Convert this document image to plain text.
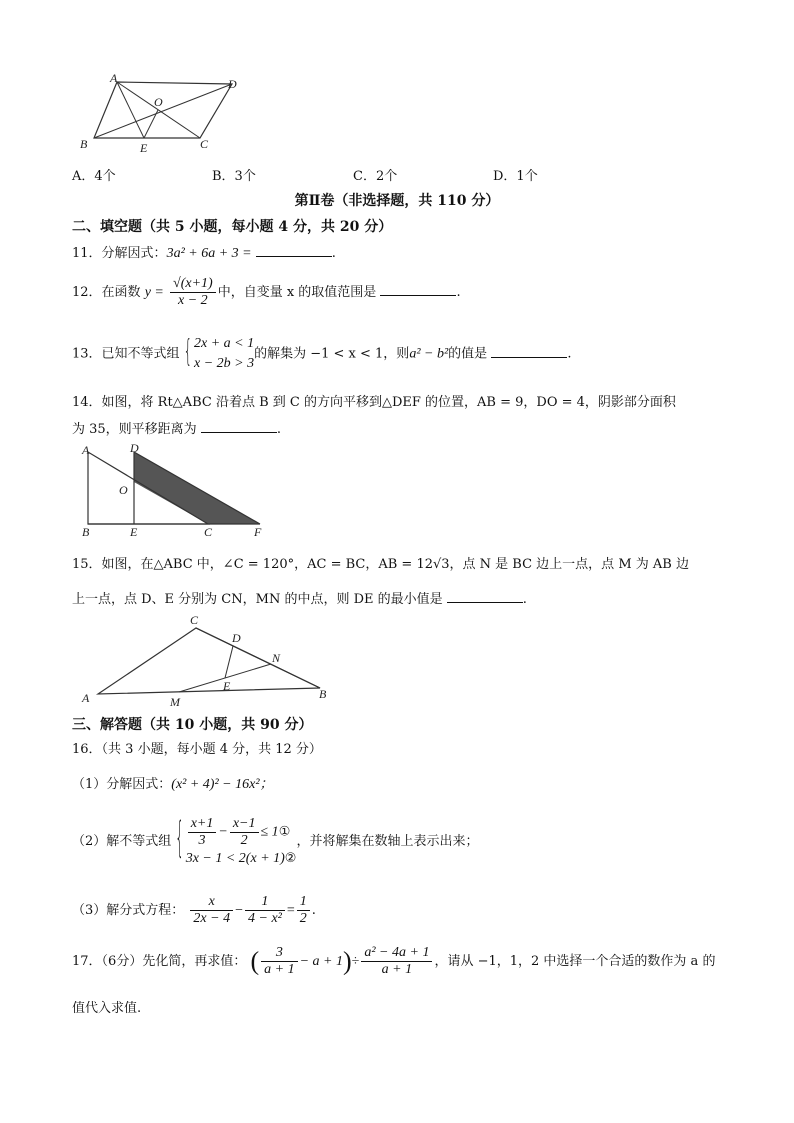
A	D
O
B	E	C
A．4个	B．3个	C．2个	D．1个
第Ⅱ卷（非选择题，共 110 分）
二、填空题（共 5 小题，每小题 4 分，共 20 分）
11．分解因式：3a² + 6a + 3 =	.
12．在函数 $y = \frac{√(x+1)}{x - 2}$ 中，自变量 x 的取值范围是	.
13．已知不等式组 { 2x + a < 1
x − 2b > 3
的解集为 −1 < x < 1，则a² − b²的值是	.
14．如图，将 Rt△ABC 沿着点 B 到 C 的方向平移到△DEF 的位置，AB = 9，DO = 4，阴影部分面积
为 35，则平移距离为	.
A	D
O
B	E	C	F
15．如图，在△ABC 中，∠C = 120°，AC = BC，AB = 12√3，点 N 是 BC 边上一点，点 M 为 AB 边
上一点，点 D、E 分别为 CN，MN 的中点，则 DE 的最小值是	.
C
D
N
E
A	M
B
三、解答题（共 10 小题，共 90 分）
16．（共 3 小题，每小题 4 分，共 12 分）
（1）分解因式：(x² + 4)² − 16x²；
（2）解不等式组 { $\frac{x+1}{3} - \frac{x-1}{2}$ ≤ 1①
3x − 1 < 2(x + 1)②
，并将解集在数轴上表示出来；
（3）解分式方程： $\frac{x}{2x - 4} - \frac{1}{\text{4 − x²}} = \frac{1}{2}$ .
17．（6分）先化简，再求值： ( $\frac{3}{a + 1} - a + 1)\div \frac{\text{a² − 4a + 1}}{a + 1}$ ，请从 −1，1，2 中选择一个合适的数作为 a 的
值代入求值.
